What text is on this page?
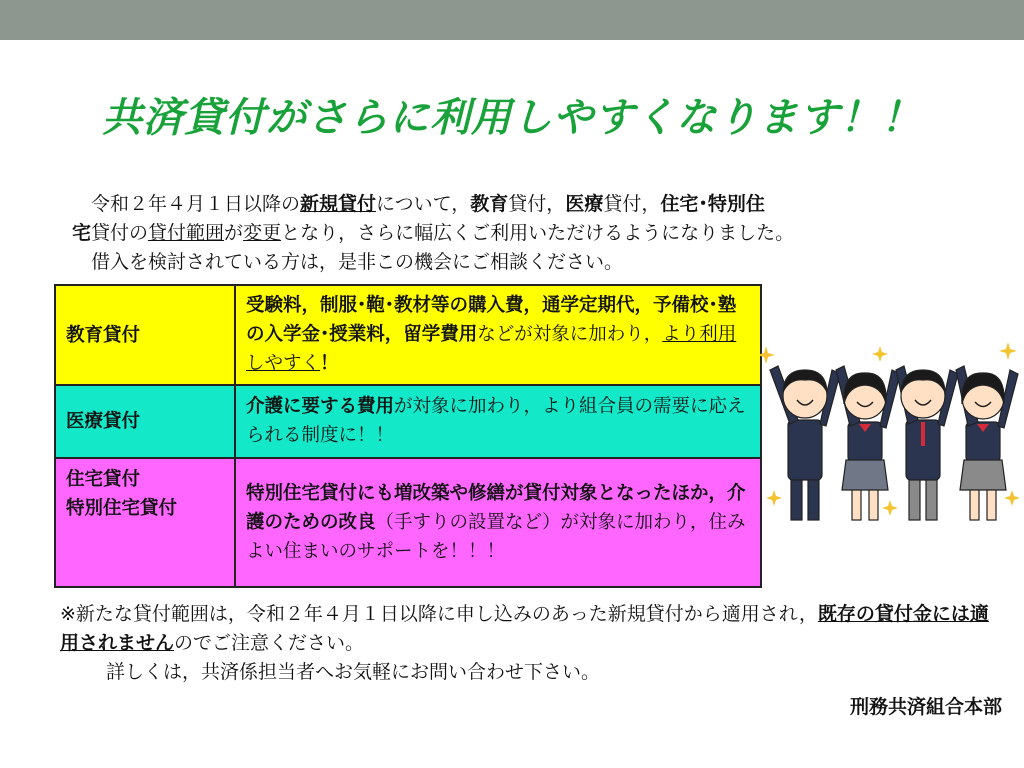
共済貸付がさらに利用しやすくなります！！

　令和２年４月１日以降の新規貸付について，教育貸付，医療貸付，住宅･特別住

宅貸付の貸付範囲が変更となり，さらに幅広くご利用いただけるようになりました。

　借入を検討されている方は，是非この機会にご相談ください。

教育貸付	受験料，制服･鞄･教材等の購入費，通学定期代，予備校･塾の入学金･授業料，留学費用などが対象に加わり，より利用しやすく！
医療貸付	介護に要する費用が対象に加わり，より組合員の需要に応えられる制度に！！
住宅貸付
特別住宅貸付	特別住宅貸付にも増改築や修繕が貸付対象となったほか，介護のための改良（手すりの設置など）が対象に加わり，住みよい住まいのサポートを！！！

※新たな貸付範囲は，令和２年４月１日以降に申し込みのあった新規貸付から適用され，既存の貸付金には適用されませんのでご注意ください。

詳しくは，共済係担当者へお気軽にお問い合わせ下さい。

刑務共済組合本部
